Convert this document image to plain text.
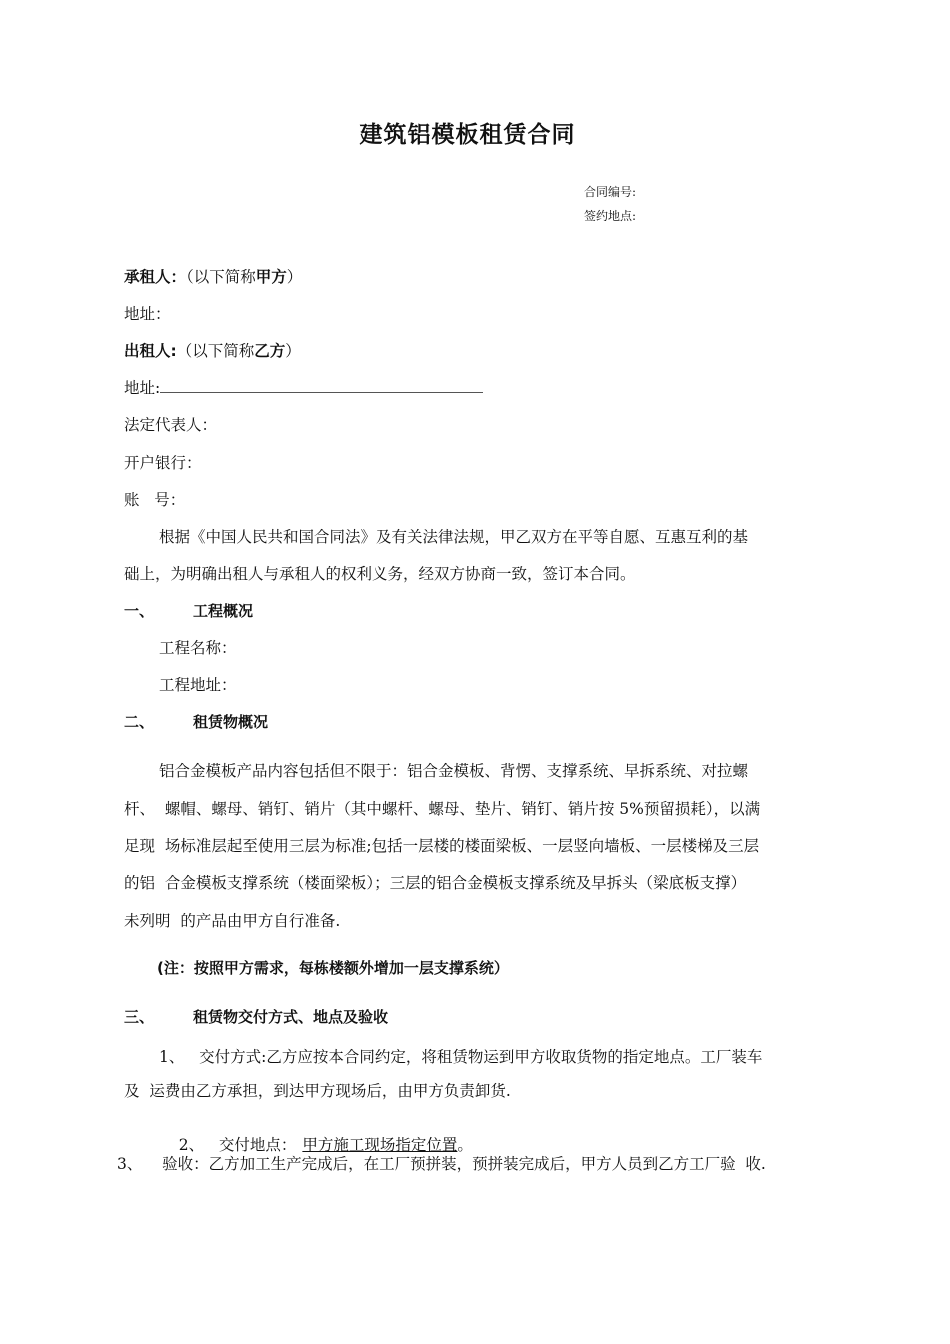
建筑铝模板租赁合同
合同编号:
签约地点:
承租人：（以下简称甲方）
地址：
出租人:（以下简称乙方）
地址:
法定代表人：
开户银行：
账   号：
根据《中国人民共和国合同法》及有关法律法规，甲乙双方在平等自愿、互惠互利的基
础上，为明确出租人与承租人的权利义务，经双方协商一致，签订本合同。
一、	工程概况
工程名称：
工程地址：
二、	租赁物概况
铝合金模板产品内容包括但不限于：铝合金模板、背愣、支撑系统、早拆系统、对拉螺
杆、  螺帽、螺母、销钉、销片（其中螺杆、螺母、垫片、销钉、销片按 5%预留损耗），以满
足现  场标准层起至使用三层为标准;包括一层楼的楼面梁板、一层竖向墙板、一层楼梯及三层
的铝  合金模板支撑系统（楼面梁板）；三层的铝合金模板支撑系统及早拆头（梁底板支撑）
未列明  的产品由甲方自行准备.
(注：按照甲方需求，每栋楼额外增加一层支撑系统）
三、	租赁物交付方式、地点及验收
1、   交付方式:乙方应按本合同约定，将租赁物运到甲方收取货物的指定地点。工厂装车
及  运费由乙方承担，到达甲方现场后，由甲方负责卸货.

2、   交付地点： 甲方施工现场指定位置。

3、    验收：乙方加工生产完成后，在工厂预拼装，预拼装完成后，甲方人员到乙方工厂验  收.
